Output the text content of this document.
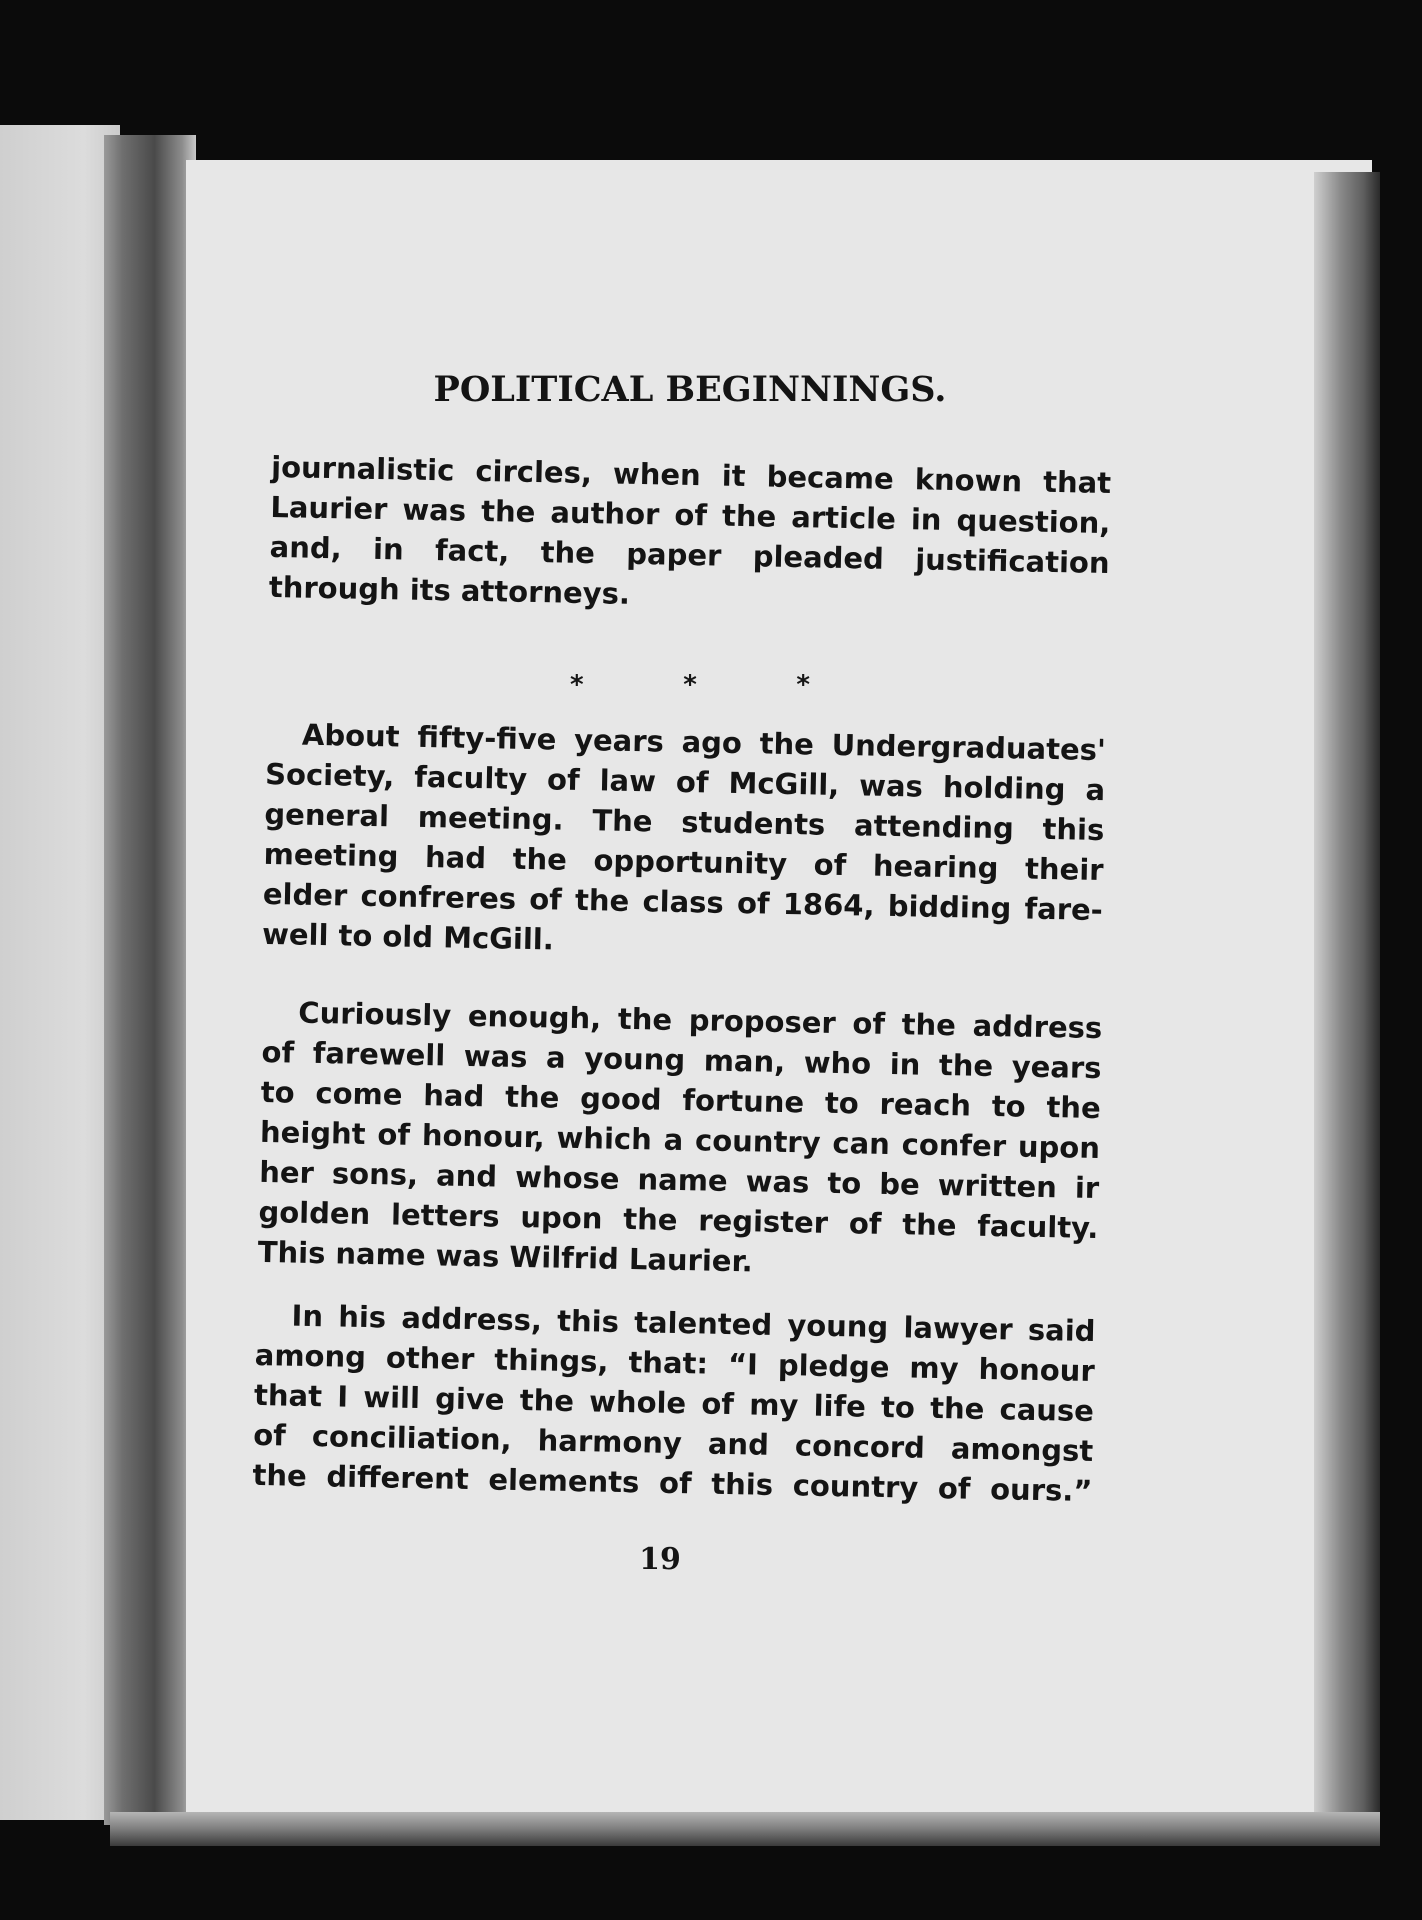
POLITICAL BEGINNINGS.
journalistic circles, when it became known that
Laurier was the author of the article in question,
and, in fact, the paper pleaded justification
through its attorneys.
*	*	*
About fifty-five years ago the Undergraduates'
Society, faculty of law of McGill, was holding a
general meeting. The students attending this
meeting had the opportunity of hearing their
elder confreres of the class of 1864, bidding fare-
well to old McGill.
Curiously enough, the proposer of the address
of farewell was a young man, who in the years
to come had the good fortune to reach to the
height of honour, which a country can confer upon
her sons, and whose name was to be written ir
golden letters upon the register of the faculty.
This name was Wilfrid Laurier.
In his address, this talented young lawyer said
among other things, that: “I pledge my honour
that I will give the whole of my life to the cause
of conciliation, harmony and concord amongst
the different elements of this country of ours.”
19
